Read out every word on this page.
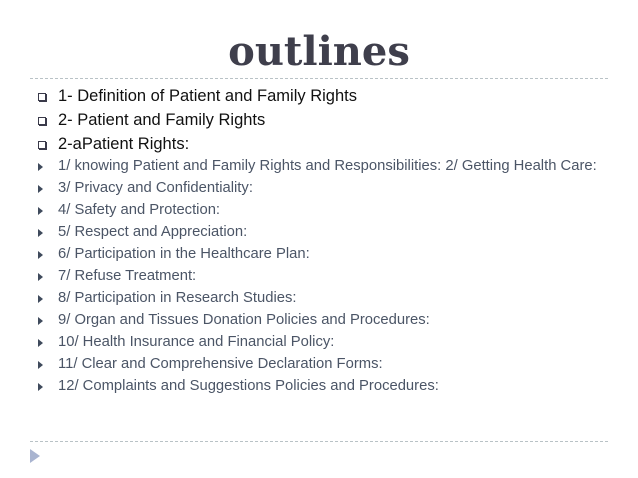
outlines
1- Definition of Patient and Family Rights
2- Patient and Family Rights
2-aPatient Rights:
1/ knowing Patient and Family Rights and Responsibilities: 2/ Getting Health Care:
3/ Privacy and Confidentiality:
4/ Safety and Protection:
5/ Respect and Appreciation:
6/ Participation in the Healthcare Plan:
7/ Refuse Treatment:
8/ Participation in Research Studies:
9/ Organ and Tissues Donation Policies and Procedures:
10/ Health Insurance and Financial Policy:
11/ Clear and Comprehensive Declaration Forms:
12/ Complaints and Suggestions Policies and Procedures:
